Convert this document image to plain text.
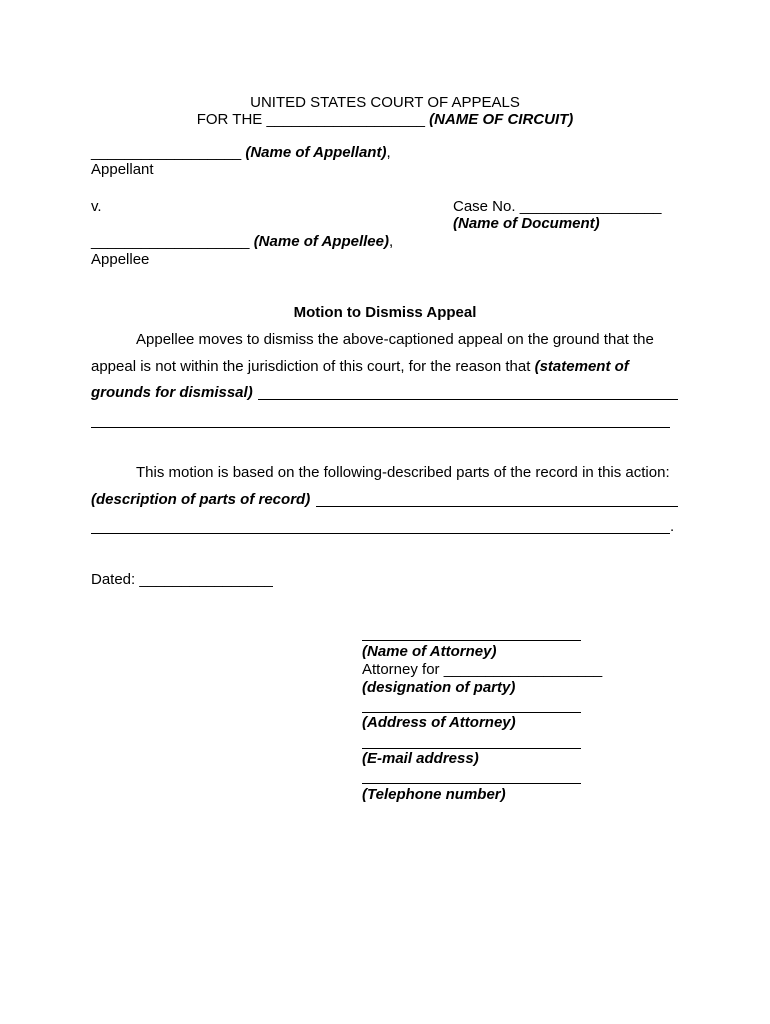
UNITED STATES COURT OF APPEALS
FOR THE ___________________ (NAME OF CIRCUIT)
__________________ (Name of Appellant),
Appellant
v.	Case No. _________________
(Name of Document)
___________________ (Name of Appellee),
Appellee
Motion to Dismiss Appeal
Appellee moves to dismiss the above-captioned appeal on the ground that the
appeal is not within the jurisdiction of this court, for the reason that (statement of
grounds for dismissal)
This motion is based on the following-described parts of the record in this action:
(description of parts of record)
.
Dated: ________________
(Name of Attorney)
Attorney for ___________________
(designation of party)
(Address of Attorney)
(E-mail address)
(Telephone number)
